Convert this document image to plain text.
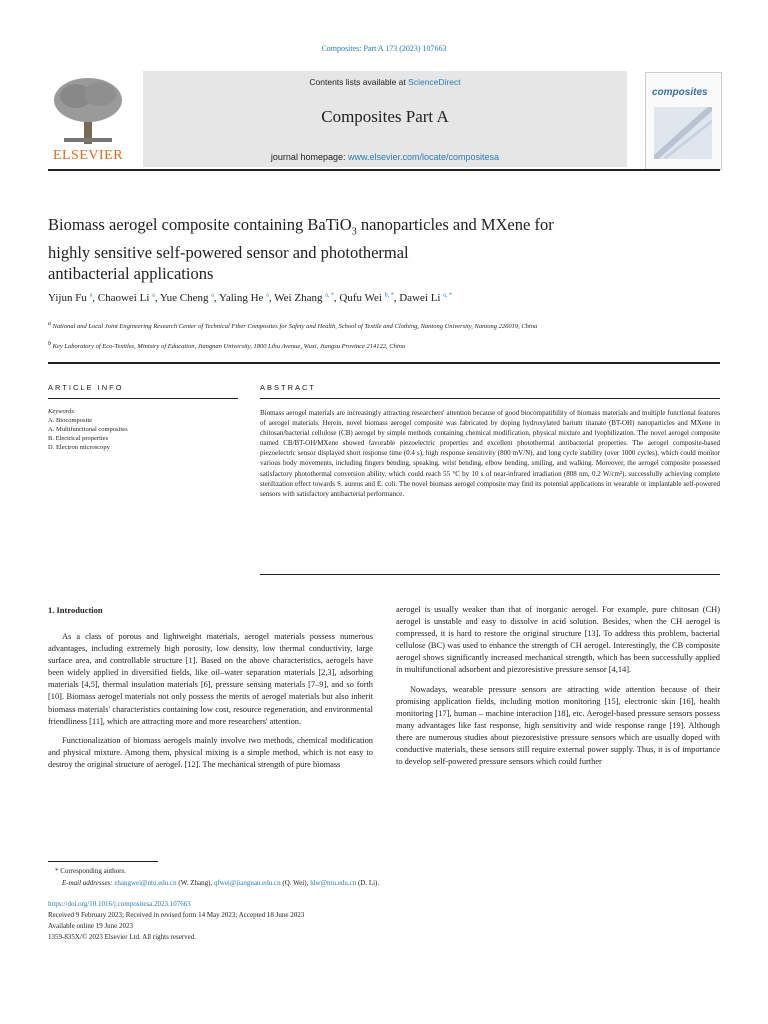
Composites: Part A 173 (2023) 107663
ELSEVIER
Contents lists available at ScienceDirect
Composites Part A
journal homepage: www.elsevier.com/locate/compositesa
composites
Biomass aerogel composite containing BaTiO$_3$ nanoparticles and MXene for
highly sensitive self-powered sensor and photothermal
antibacterial applications
Yijun Fu $^a$, Chaowei Li $^a$, Yue Cheng $^a$, Yaling He $^a$, Wei Zhang $^{a, *}$, Qufu Wei $^{b, *}$, Dawei Li $^{a, *}$
$^a$ National and Local Joint Engineering Research Center of Technical Fiber Composites for Safety and Health, School of Textile and Clothing, Nantong University, Nantong 226019, China
$^b$ Key Laboratory of Eco-Textiles, Ministry of Education, Jiangnan University, 1800 Lihu Avenue, Wuxi, Jiangsu Province 214122, China
ARTICLE INFO
Keywords:
A. Biocomposite
A. Multifunctional composites
B. Electrical properties
D. Electron microscopy
ABSTRACT
Biomass aerogel materials are increasingly attracting researchers' attention because of good biocompatibility of biomass materials and multiple functional features of aerogel materials. Herein, novel biomass aerogel composite was fabricated by doping hydroxylated barium titanate (BT-OH) nanoparticles and MXene in chitosan/bacterial cellulose (CB) aerogel by simple methods containing chemical modification, physical mixture and lyophilization. The novel aerogel composite named CB/BT-OH/MXene showed favorable piezoelectric properties and excellent photothermal antibacterial properties. The aerogel composite-based piezoelectric sensor displayed short response time (0.4 s), high response sensitivity (800 mV/N), and long cycle stability (over 1000 cycles), which could monitor various body movements, including fingers bending, speaking, wrist bending, elbow bending, smiling, and walking. Moreover, the aerogel composite possessed satisfactory photothermal conversion ability, which could reach 55 °C by 10 s of near-infrared irradiation (808 nm, 0.2 W/cm²), successfully achieving complete sterilization effect towards S. aureus and E. coli. The novel biomass aerogel composite may find its potential applications in wearable or implantable self-powered sensors with satisfactory antibacterial performance.
1. Introduction

As a class of porous and lightweight materials, aerogel materials possess numerous advantages, including extremely high porosity, low density, low thermal conductivity, large surface area, and controllable structure [1]. Based on the above characteristics, aerogels have been widely applied in diversified fields, like oil–water separation materials [2,3], adsorbing materials [4,5], thermal insulation materials [6], pressure sensing materials [7–9], and so forth [10]. Biomass aerogel materials not only possess the merits of aerogel materials but also inherit biomass materials' characteristics containing low cost, resource regeneration, and environmental friendliness [11], which are attracting more and more researchers' attention.

Functionalization of biomass aerogels mainly involve two methods, chemical modification and physical mixture. Among them, physical mixing is a simple method, which is not easy to destroy the original structure of aerogel. [12]. The mechanical strength of pure biomass

aerogel is usually weaker than that of inorganic aerogel. For example, pure chitosan (CH) aerogel is unstable and easy to dissolve in acid solution. Besides, when the CH aerogel is compressed, it is hard to restore the original structure [13]. To address this problem, bacterial cellulose (BC) was used to enhance the strength of CH aerogel. Interestingly, the CB composite aerogel shows significantly increased mechanical strength, which has been successfully applied in multifunctional adsorbent and piezoresistive pressure sensor [4,14].

Nowadays, wearable pressure sensors are attracting wide attention because of their promising application fields, including motion monitoring [15], electronic skin [16], health monitoring [17], human – machine interaction [18], etc. Aerogel-based pressure sensors possess many advantages like fast response, high sensitivity and wide response range [19]. Although there are numerous studies about piezoresistive pressure sensors which are usually doped with conductive materials, these sensors still require external power supply. Thus, it is of importance to develop self-powered pressure sensors which could further

* Corresponding authors.
E-mail addresses: zhangwei@ntu.edu.cn (W. Zhang), qfwei@jiangnan.edu.cn (Q. Wei), ldw@ntu.edu.cn (D. Li).
https://doi.org/10.1016/j.compositesa.2023.107663
Received 9 February 2023; Received in revised form 14 May 2023; Accepted 18 June 2023
Available online 19 June 2023
1359-835X/© 2023 Elsevier Ltd. All rights reserved.
